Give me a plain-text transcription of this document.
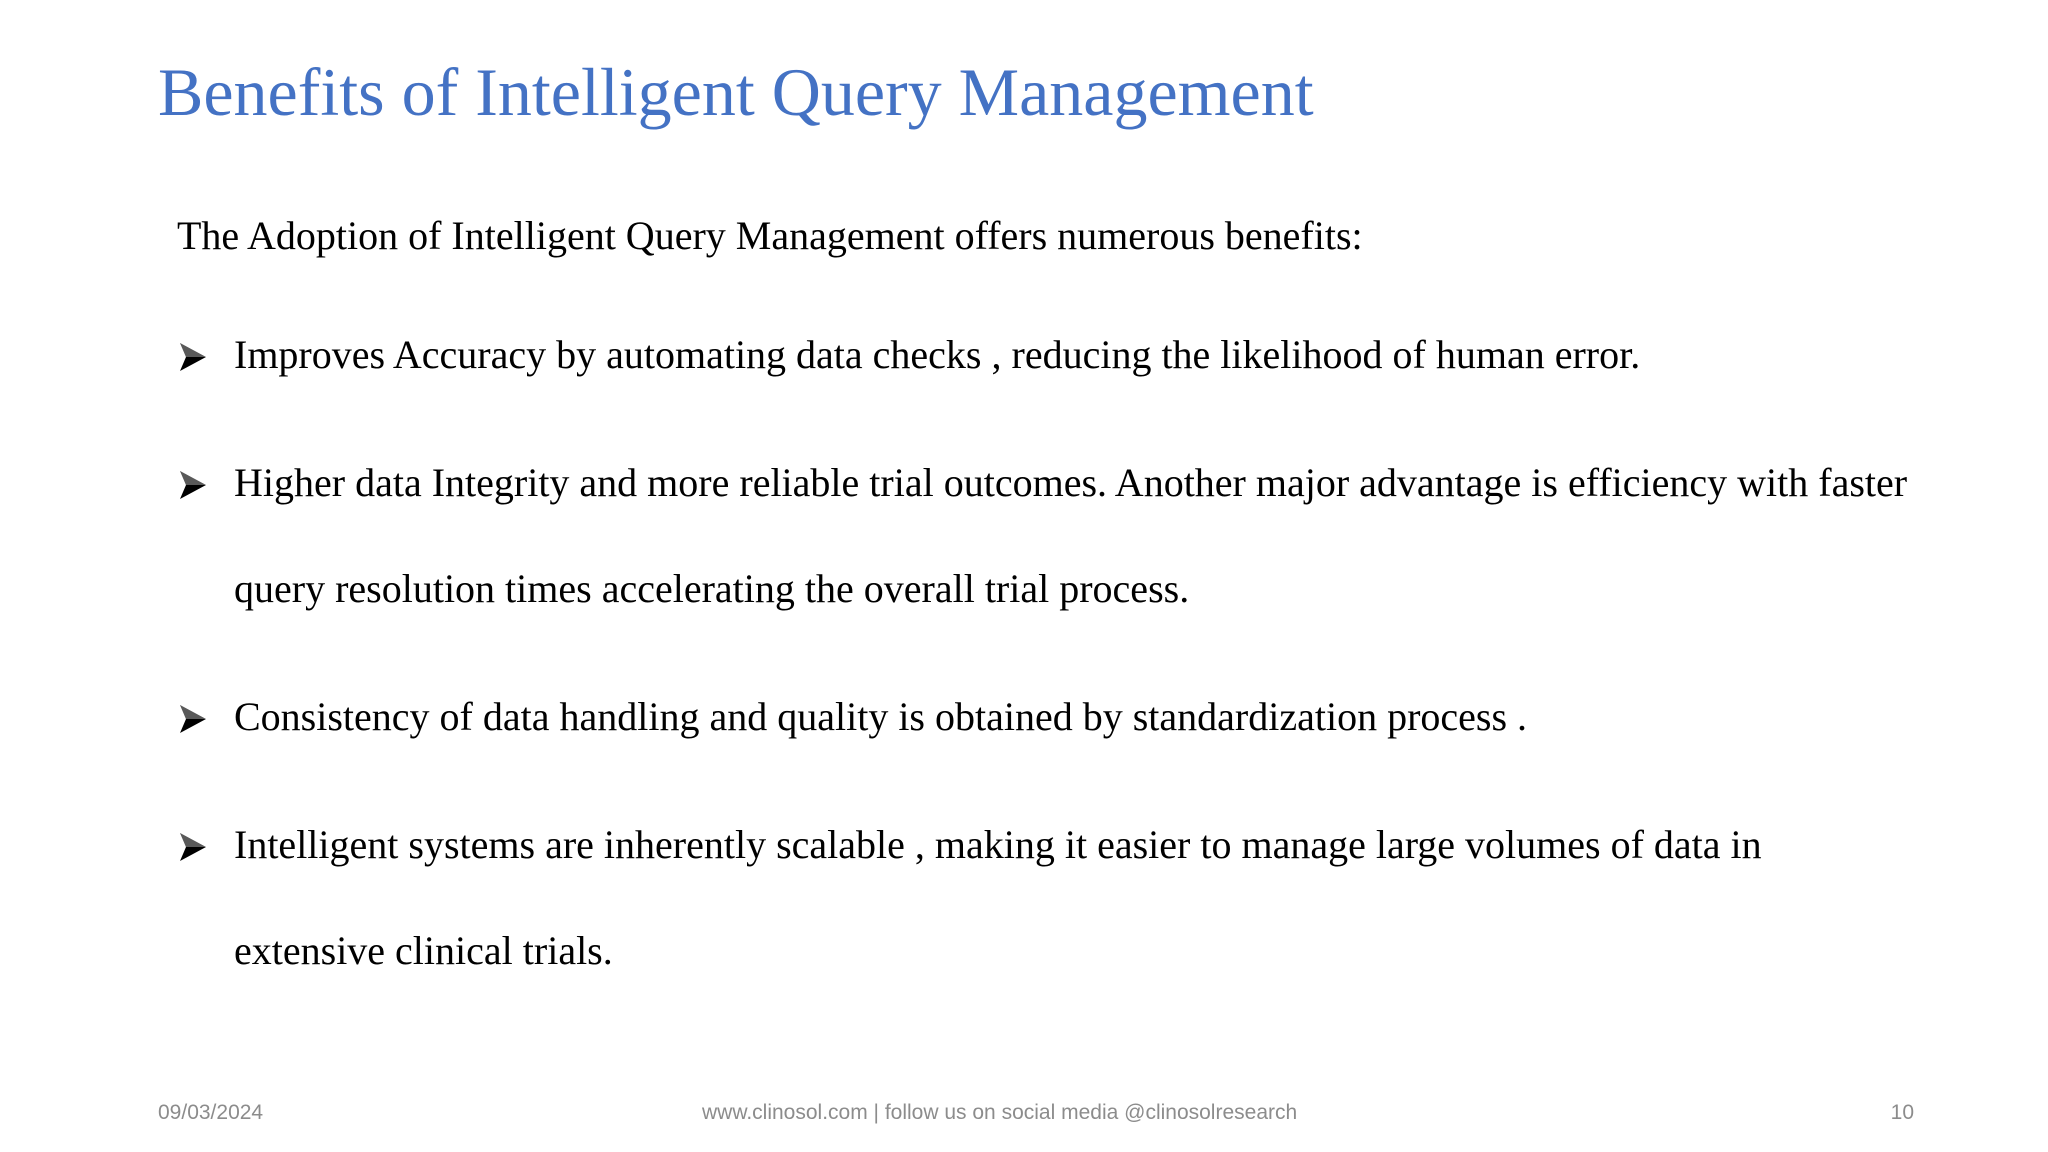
Benefits of Intelligent Query Management

The Adoption of Intelligent Query Management offers numerous benefits:

Improves Accuracy by automating data checks , reducing the likelihood of human error.

Higher data Integrity and more reliable trial outcomes. Another major advantage is efficiency with faster query resolution times accelerating the overall trial process.

Consistency of data handling and quality is obtained by standardization process .

Intelligent systems are inherently scalable , making it easier to manage large volumes of data in extensive clinical trials.

09/03/2024	www.clinosol.com | follow us on social media @clinosolresearch	10
